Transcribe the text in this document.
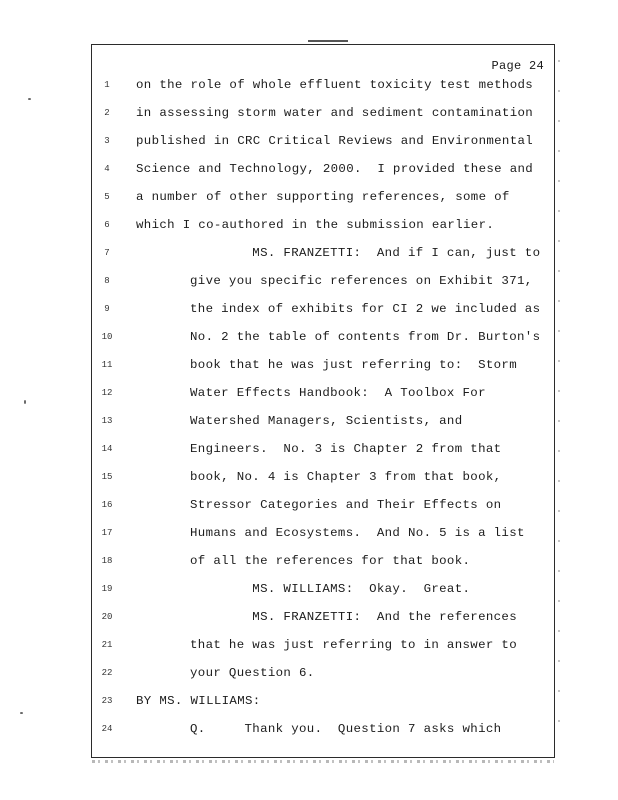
Page 24
1
2
3
4
5
6
7
8
9
10
11
12
13
14
15
16
17
18
19
20
21
22
23
24
on the role of whole effluent toxicity test methods
in assessing storm water and sediment contamination
published in CRC Critical Reviews and Environmental
Science and Technology, 2000.  I provided these and
a number of other supporting references, some of
which I co-authored in the submission earlier.
MS. FRANZETTI:  And if I can, just to
give you specific references on Exhibit 371,
the index of exhibits for CI 2 we included as
No. 2 the table of contents from Dr. Burton's
book that he was just referring to:  Storm
Water Effects Handbook:  A Toolbox For
Watershed Managers, Scientists, and
Engineers.  No. 3 is Chapter 2 from that
book, No. 4 is Chapter 3 from that book,
Stressor Categories and Their Effects on
Humans and Ecosystems.  And No. 5 is a list
of all the references for that book.
MS. WILLIAMS:  Okay.  Great.
MS. FRANZETTI:  And the references
that he was just referring to in answer to
your Question 6.
BY MS. WILLIAMS:
Q.     Thank you.  Question 7 asks which
